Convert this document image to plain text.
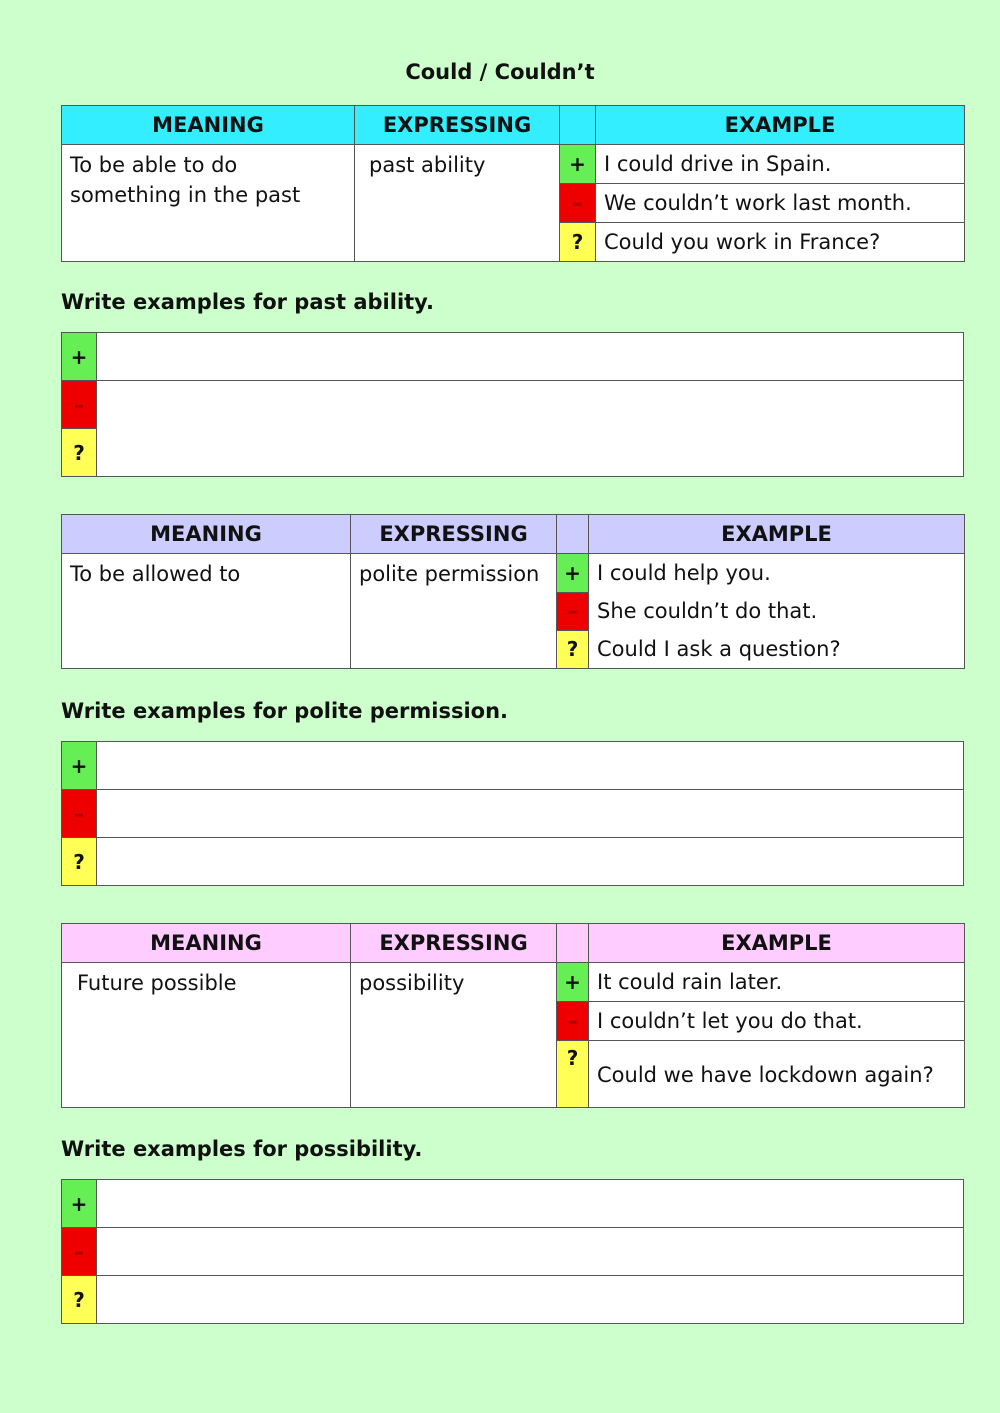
Could / Couldn’t
MEANING	EXPRESSING		EXAMPLE
To be able to do something in the past	past ability	+	I could drive in Spain.
		–	We couldn’t work last month.
		?	Could you work in France?
Write examples for past ability.
+	
–	
?	
MEANING	EXPRESSING		EXAMPLE
To be allowed to	polite permission	+	I could help you.
		–	She couldn’t do that.
		?	Could I ask a question?
Write examples for polite permission.
+	
–	
?	
MEANING	EXPRESSING		EXAMPLE
Future possible	possibility	+	It could rain later.
		–	I couldn’t let you do that.
		?	Could we have lockdown again?
Write examples for possibility.
+	
–	
?	
